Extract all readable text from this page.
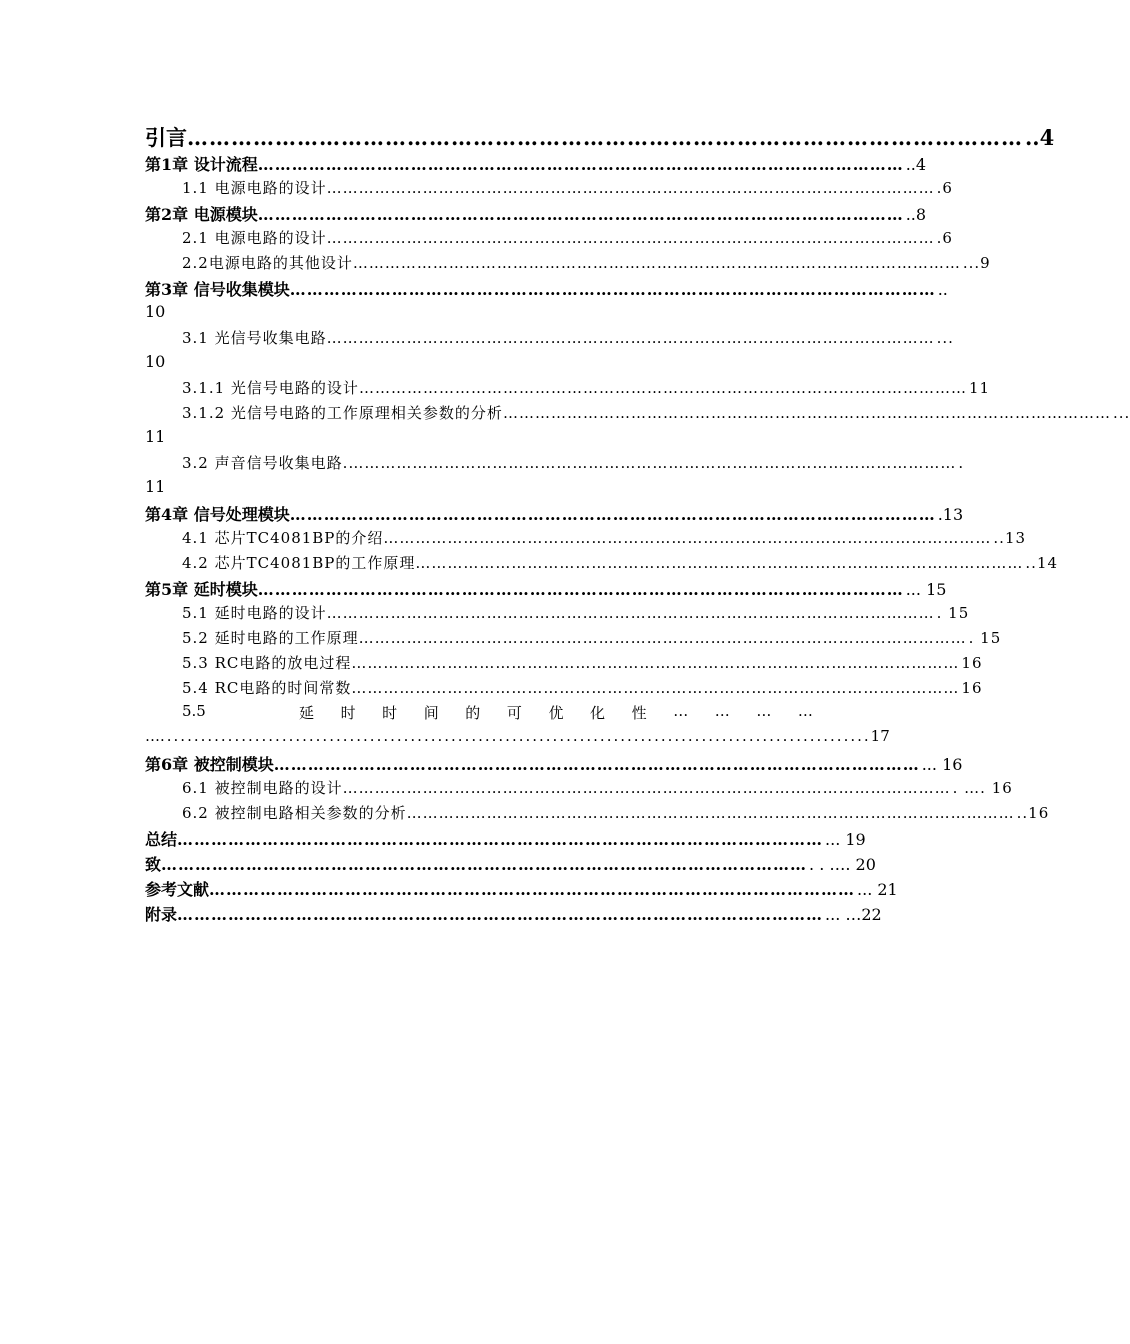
引言 …………………………………………………………………………………………………… ..4
第1章 设计流程 …………………………………………………………………………………………………… ..4
1.1 电源电路的设计 …………………………………………………………………………………………………… .6
第2章 电源模块 …………………………………………………………………………………………………… ..8
2.1 电源电路的设计 …………………………………………………………………………………………………… .6
2.2电源电路的其他设计 …………………………………………………………………………………………………… ...9
第3章 信号收集模块 …………………………………………………………………………………………………… ..
10
3.1 光信号收集电路 …………………………………………………………………………………………………… ...
10
3.1.1 光信号电路的设计 …………………………………………………………………………………………………… 11
3.1.2 光信号电路的工作原理相关参数的分析 …………………………………………………………………………………………………… ...
11
3.2 声音信号收集电路. …………………………………………………………………………………………………… .
11
第4章 信号处理模块 …………………………………………………………………………………………………… .13
4.1 芯片TC4081BP的介绍 …………………………………………………………………………………………………… ..13
4.2 芯片TC4081BP的工作原理 …………………………………………………………………………………………………… ..14
第5章 延时模块 …………………………………………………………………………………………………… ... 15
5.1 延时电路的设计 …………………………………………………………………………………………………… . 15
5.2 延时电路的工作原理 …………………………………………………………………………………………………… . 15
5.3 RC电路的放电过程 …………………………………………………………………………………………………… 16
5.4 RC电路的时间常数 …………………………………………………………………………………………………… 16
5.5	延 时 时 间 的 可 优 化 性 … … … …
… ......................................................................................................... 17
第6章 被控制模块 …………………………………………………………………………………………………… ... 16
6.1 被控制电路的设计 …………………………………………………………………………………………………… . …. 16
6.2 被控制电路相关参数的分析 …………………………………………………………………………………………………… ..16
总结 …………………………………………………………………………………………………… ... 19
致 …………………………………………………………………………………………………… . . …. 20
参考文献 …………………………………………………………………………………………………… ... 21
附录 …………………………………………………………………………………………………… ... …22
